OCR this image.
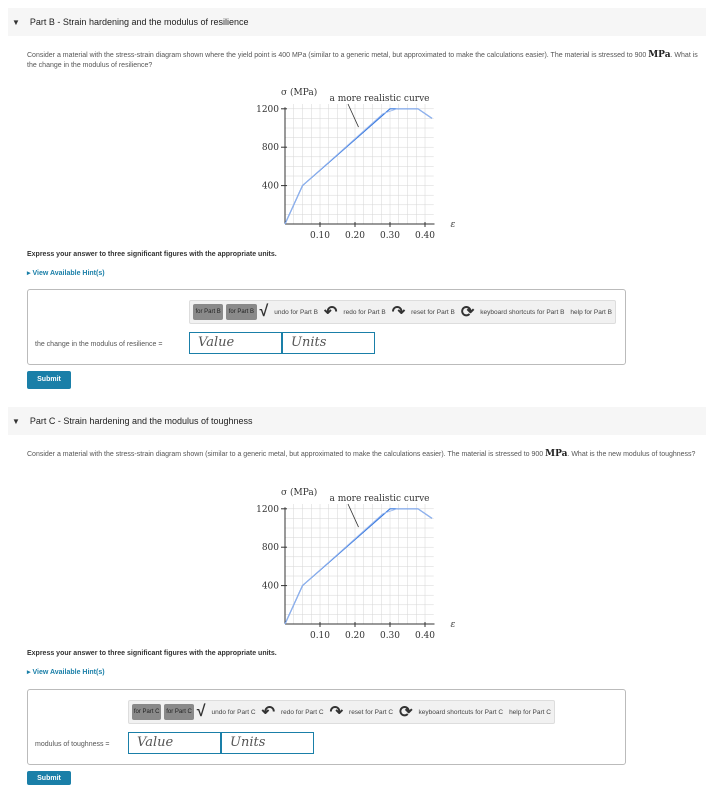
▼ Part B - Strain hardening and the modulus of resilience
Consider a material with the stress-strain diagram shown where the yield point is 400 MPa (similar to a generic metal, but approximated to make the calculations easier). The material is stressed to 900 MPa. What is the change in the modulus of resilience?
400
800
1200
0.10 0.20 0.30 0.40
σ (MPa)
ε
a more realistic curve
Express your answer to three significant figures with the appropriate units.
▸ View Available Hint(s)
for Part B	for Part B √ undo for Part B ↶ redo for Part B ↷ reset for Part B ⟳ keyboard shortcuts for Part B help for Part B
the change in the modulus of resilience =	Value	Units
Submit
▼ Part C - Strain hardening and the modulus of toughness
Consider a material with the stress-strain diagram shown (similar to a generic metal, but approximated to make the calculations easier). The material is stressed to 900 MPa. What is the new modulus of toughness?
400
800
1200
0.10 0.20 0.30 0.40
σ (MPa)
ε
a more realistic curve
Express your answer to three significant figures with the appropriate units.
▸ View Available Hint(s)
for Part C	for Part C √ undo for Part C ↶ redo for Part C ↷ reset for Part C ⟳ keyboard shortcuts for Part C help for Part C
modulus of toughness =	Value	Units
Submit
